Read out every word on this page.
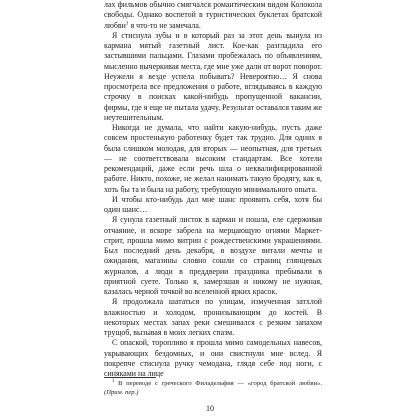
лах фильмов обычно смягчался романтическим видом Колокола свободы. Однако воспетой в туристических буклетах братской любви$^1$ я что-то не замечала.

Я стиснула зубы и в который раз за этот день вынула из кармана мятый газетный лист. Кое-как разгладила его застывшими пальцами. Глазами пробежалась по объявлениям, мысленно вычеркивая места, где мне уже дали от ворот поворот. Неужели я везде успела побывать? Невероятно… Я снова просмотрела все предложения о работе, вглядываясь в каждую строчку в поисках какой-нибудь пропущенной вакансии, фирмы, где я еще не пытала удачу. Результат оставался таким же неутешительным.

Никогда не думала, что найти какую-нибудь, пусть даже совсем простенькую работенку будет так трудно. Для одних я была слишком молодая, для вторых — неопытная, для третьих — не соответствовала высоким стандартам. Все хотели рекомендаций, даже если речь шла о неквалифицированной работе. Никто, похоже, не желал нанимать такую бродягу, как я, хоть бы та и была на работу, требующую минимального опыта.

И чтобы кто-нибудь дал мне шанс проявить себя, хотя бы один шанс…

Я сунула газетный листок в карман и пошла, еле сдерживая отчаяние, и вскоре забрела на мерцающую огнями Маркет-стрит, прошла мимо витрин с рождественскими украшениями. Был последний день декабря, в воздухе витали мечты и ожидания, магазины словно сошли со страниц глянцевых журналов, а люди в преддверии праздника пребывали в приятной суете. Только я, замерзшая и никому не нужная, казалась черной точкой во вселенной ярких красок.

Я продолжала шататься по улицам, измученная затхлой влажностью и холодом, пронизывающим до костей. В некоторых местах запах реки смешивался с резким запахом трущоб, вызывая в моих легких спазм.

С опаской, торопливо я прошла мимо самодельных навесов, укрывающих бездомных, и они свистнули мне вслед. Я покрепче стиснула ручку чемодана, глядя себе под ноги, с синяками на лице

$^1$ В переводе с греческого Филадельфия — «город братской любви». (Прим. пер.)

10
